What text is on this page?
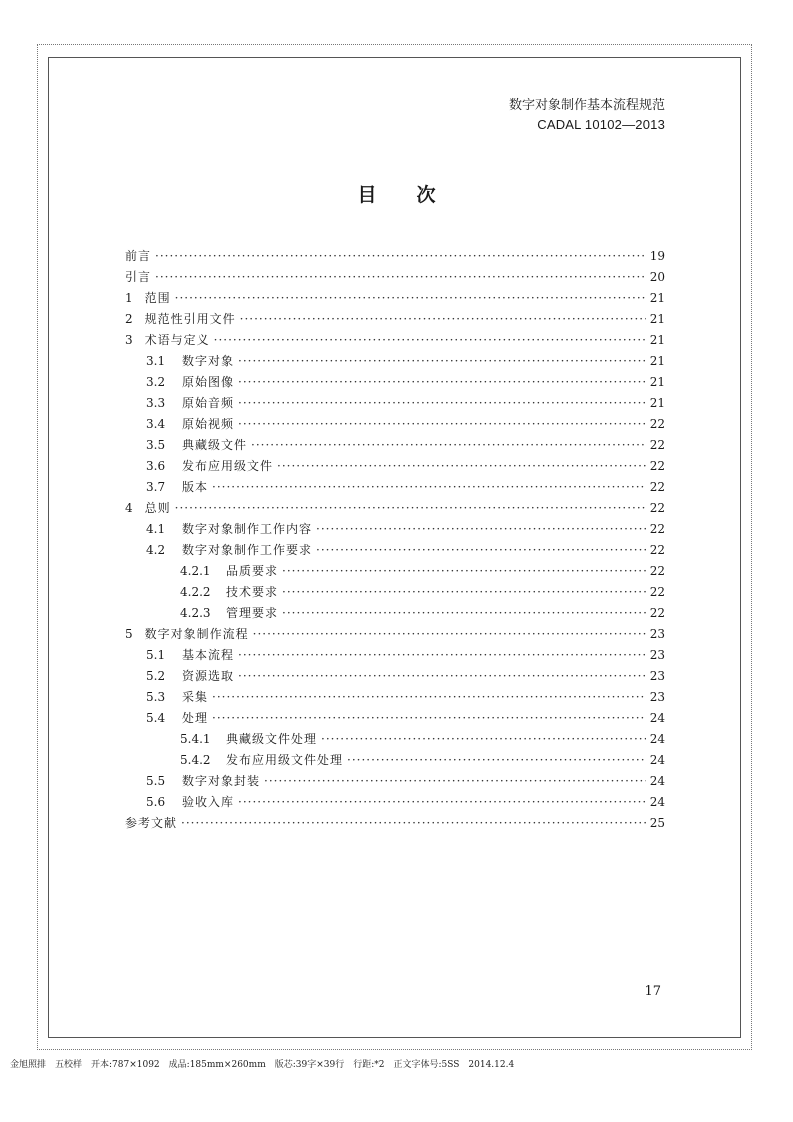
数字对象制作基本流程规范
CADAL 10102—2013
目次
前言 ·····	19
引言 ·····	20
1 范围 ·····	21
2 规范性引用文件 ·····	21
3 术语与定义 ·····	21
3.1	数字对象 ·····	21
3.2	原始图像 ·····	21
3.3	原始音频 ·····	21
3.4	原始视频 ·····	22
3.5	典藏级文件 ·····	22
3.6	发布应用级文件 ·····	22
3.7	版本 ·····	22
4 总则 ·····	22
4.1	数字对象制作工作内容 ·····	22
4.2	数字对象制作工作要求 ·····	22
4.2.1	品质要求 ·····	22
4.2.2	技术要求 ·····	22
4.2.3	管理要求 ·····	22
5 数字对象制作流程 ·····	23
5.1	基本流程 ·····	23
5.2	资源选取 ·····	23
5.3	采集 ·····	23
5.4	处理 ·····	24
5.4.1	典藏级文件处理 ·····	24
5.4.2	发布应用级文件处理 ·····	24
5.5	数字对象封装 ·····	24
5.6	验收入库 ·····	24
参考文献 ·····	25
17
金旭照排　五校样　开本:787×1092　成品:185mm×260mm　版芯:39字×39行　行距:*2　正文字体号:5SS　2014.12.4
